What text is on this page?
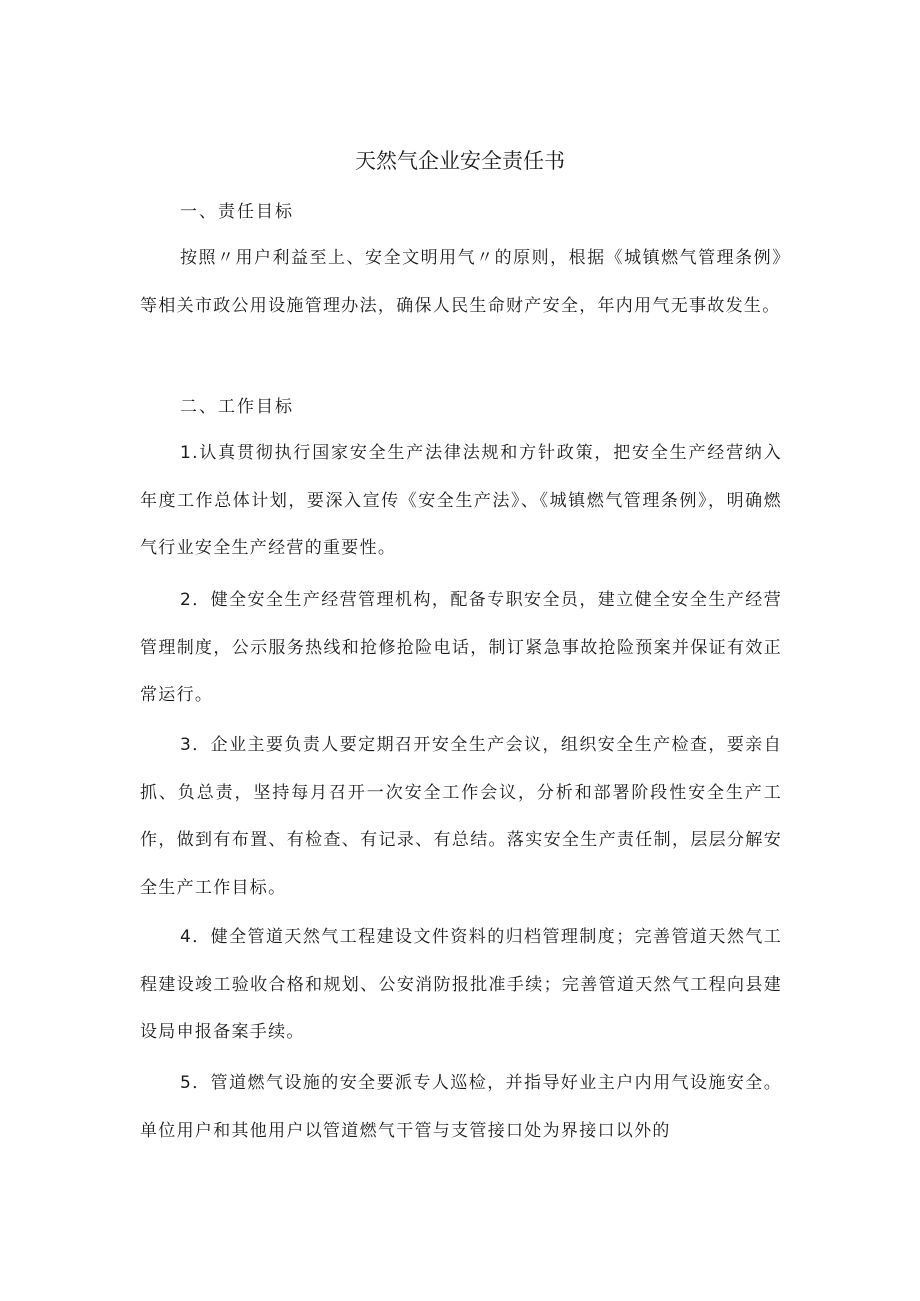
天然气企业安全责任书
一、责任目标
按照〃用户利益至上、安全文明用气〃的原则，根据《城镇燃气管理条例》等相关市政公用设施管理办法，确保人民生命财产安全，年内用气无事故发生。
二、工作目标
1.认真贯彻执行国家安全生产法律法规和方针政策，把安全生产经营纳入年度工作总体计划，要深入宣传《安全生产法》、《城镇燃气管理条例》，明确燃气行业安全生产经营的重要性。
2．健全安全生产经营管理机构，配备专职安全员，建立健全安全生产经营管理制度，公示服务热线和抢修抢险电话，制订紧急事故抢险预案并保证有效正常运行。
3．企业主要负责人要定期召开安全生产会议，组织安全生产检查，要亲自抓、负总责，坚持每月召开一次安全工作会议，分析和部署阶段性安全生产工作，做到有布置、有检查、有记录、有总结。落实安全生产责任制，层层分解安全生产工作目标。
4．健全管道天然气工程建设文件资料的归档管理制度；完善管道天然气工程建设竣工验收合格和规划、公安消防报批准手续；完善管道天然气工程向县建设局申报备案手续。
5．管道燃气设施的安全要派专人巡检，并指导好业主户内用气设施安全。单位用户和其他用户以管道燃气干管与支管接口处为界接口以外的
